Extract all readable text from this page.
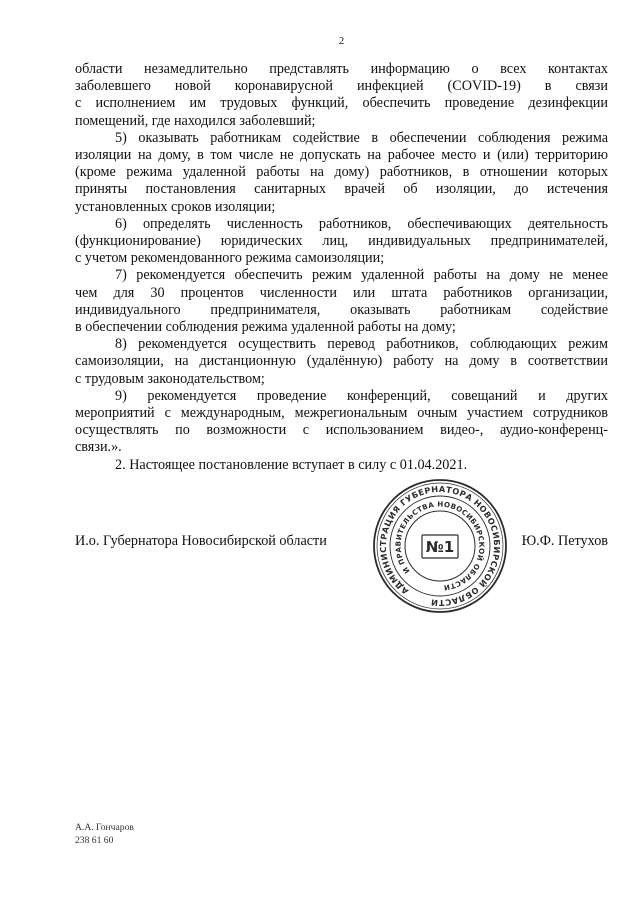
2
области незамедлительно представлять информацию о всех контактах
заболевшего новой коронавирусной инфекцией (COVID-19) в связи
с исполнением им трудовых функций, обеспечить проведение дезинфекции
помещений, где находился заболевший;
5) оказывать работникам содействие в обеспечении соблюдения режима
изоляции на дому, в том числе не допускать на рабочее место и (или) территорию
(кроме режима удаленной работы на дому) работников, в отношении которых
приняты постановления санитарных врачей об изоляции, до истечения
установленных сроков изоляции;
6) определять численность работников, обеспечивающих деятельность
(функционирование) юридических лиц, индивидуальных предпринимателей,
с учетом рекомендованного режима самоизоляции;
7) рекомендуется обеспечить режим удаленной работы на дому не менее
чем для 30 процентов численности или штата работников организации,
индивидуального предпринимателя, оказывать работникам содействие
в обеспечении соблюдения режима удаленной работы на дому;
8) рекомендуется осуществить перевод работников, соблюдающих режим
самоизоляции, на дистанционную (удалённую) работу на дому в соответствии
с трудовым законодательством;
9) рекомендуется проведение конференций, совещаний и других
мероприятий с международным, межрегиональным очным участием сотрудников
осуществлять по возможности с использованием видео-, аудио-конференц-
связи.».
2. Настоящее постановление вступает в силу с 01.04.2021.
И.о. Губернатора Новосибирской области	Ю.Ф. Петухов
АДМИНИСТРАЦИЯ ГУБЕРНАТОРА НОВОСИБИРСКОЙ ОБЛАСТИ
И ПРАВИТЕЛЬСТВА НОВОСИБИРСКОЙ ОБЛАСТИ
№1
А.А. Гончаров
238 61 60
